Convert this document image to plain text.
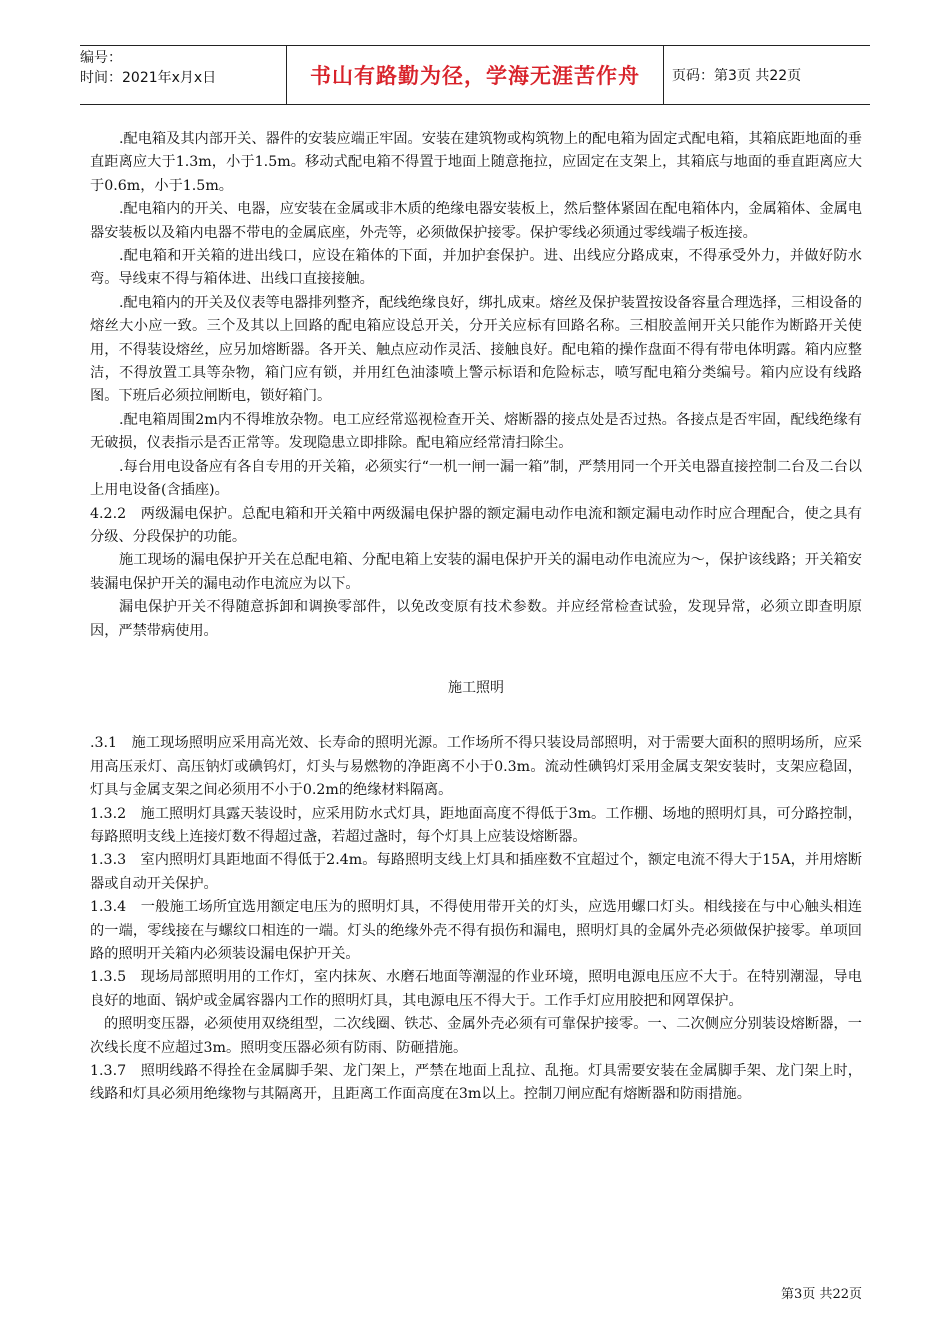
编号：
时间：2021年x月x日	书山有路勤为径，学海无涯苦作舟	页码：第3页 共22页

.配电箱及其内部开关、器件的安装应端正牢固。安装在建筑物或构筑物上的配电箱为固定式配电箱，其箱底距地面的垂直距离应大于1.3m，小于1.5m。移动式配电箱不得置于地面上随意拖拉，应固定在支架上，其箱底与地面的垂直距离应大于0.6m，小于1.5m。

.配电箱内的开关、电器，应安装在金属或非木质的绝缘电器安装板上，然后整体紧固在配电箱体内，金属箱体、金属电器安装板以及箱内电器不带电的金属底座，外壳等，必须做保护接零。保护零线必须通过零线端子板连接。

.配电箱和开关箱的进出线口，应设在箱体的下面，并加护套保护。进、出线应分路成束，不得承受外力，并做好防水弯。导线束不得与箱体进、出线口直接接触。

.配电箱内的开关及仪表等电器排列整齐，配线绝缘良好，绑扎成束。熔丝及保护装置按设备容量合理选择，三相设备的熔丝大小应一致。三个及其以上回路的配电箱应设总开关，分开关应标有回路名称。三相胶盖闸开关只能作为断路开关使用，不得装设熔丝，应另加熔断器。各开关、触点应动作灵活、接触良好。配电箱的操作盘面不得有带电体明露。箱内应整洁，不得放置工具等杂物，箱门应有锁，并用红色油漆喷上警示标语和危险标志，喷写配电箱分类编号。箱内应设有线路图。下班后必须拉闸断电，锁好箱门。

.配电箱周围2m内不得堆放杂物。电工应经常巡视检查开关、熔断器的接点处是否过热。各接点是否牢固，配线绝缘有无破损，仪表指示是否正常等。发现隐患立即排除。配电箱应经常清扫除尘。

.每台用电设备应有各自专用的开关箱，必须实行“一机一闸一漏一箱”制，严禁用同一个开关电器直接控制二台及二台以上用电设备(含插座)。

4.2.2　两级漏电保护。总配电箱和开关箱中两级漏电保护器的额定漏电动作电流和额定漏电动作时应合理配合，使之具有分级、分段保护的功能。

施工现场的漏电保护开关在总配电箱、分配电箱上安装的漏电保护开关的漏电动作电流应为～，保护该线路；开关箱安装漏电保护开关的漏电动作电流应为以下。

漏电保护开关不得随意拆卸和调换零部件，以免改变原有技术参数。并应经常检查试验，发现异常，必须立即查明原因，严禁带病使用。

施工照明

.3.1　施工现场照明应采用高光效、长寿命的照明光源。工作场所不得只装设局部照明，对于需要大面积的照明场所，应采用高压汞灯、高压钠灯或碘钨灯，灯头与易燃物的净距离不小于0.3m。流动性碘钨灯采用金属支架安装时，支架应稳固，灯具与金属支架之间必须用不小于0.2m的绝缘材料隔离。

1.3.2　施工照明灯具露天装设时，应采用防水式灯具，距地面高度不得低于3m。工作棚、场地的照明灯具，可分路控制，每路照明支线上连接灯数不得超过盏，若超过盏时，每个灯具上应装设熔断器。

1.3.3　室内照明灯具距地面不得低于2.4m。每路照明支线上灯具和插座数不宜超过个，额定电流不得大于15A，并用熔断器或自动开关保护。

1.3.4　一般施工场所宜选用额定电压为的照明灯具，不得使用带开关的灯头，应选用螺口灯头。相线接在与中心触头相连的一端，零线接在与螺纹口相连的一端。灯头的绝缘外壳不得有损伤和漏电，照明灯具的金属外壳必须做保护接零。单项回路的照明开关箱内必须装设漏电保护开关。

1.3.5　现场局部照明用的工作灯，室内抹灰、水磨石地面等潮湿的作业环境，照明电源电压应不大于。在特别潮湿，导电良好的地面、锅炉或金属容器内工作的照明灯具，其电源电压不得大于。工作手灯应用胶把和网罩保护。

的照明变压器，必须使用双绕组型，二次线圈、铁芯、金属外壳必须有可靠保护接零。一、二次侧应分别装设熔断器，一次线长度不应超过3m。照明变压器必须有防雨、防砸措施。

1.3.7　照明线路不得拴在金属脚手架、龙门架上，严禁在地面上乱拉、乱拖。灯具需要安装在金属脚手架、龙门架上时，线路和灯具必须用绝缘物与其隔离开，且距离工作面高度在3m以上。控制刀闸应配有熔断器和防雨措施。

第3页 共22页
